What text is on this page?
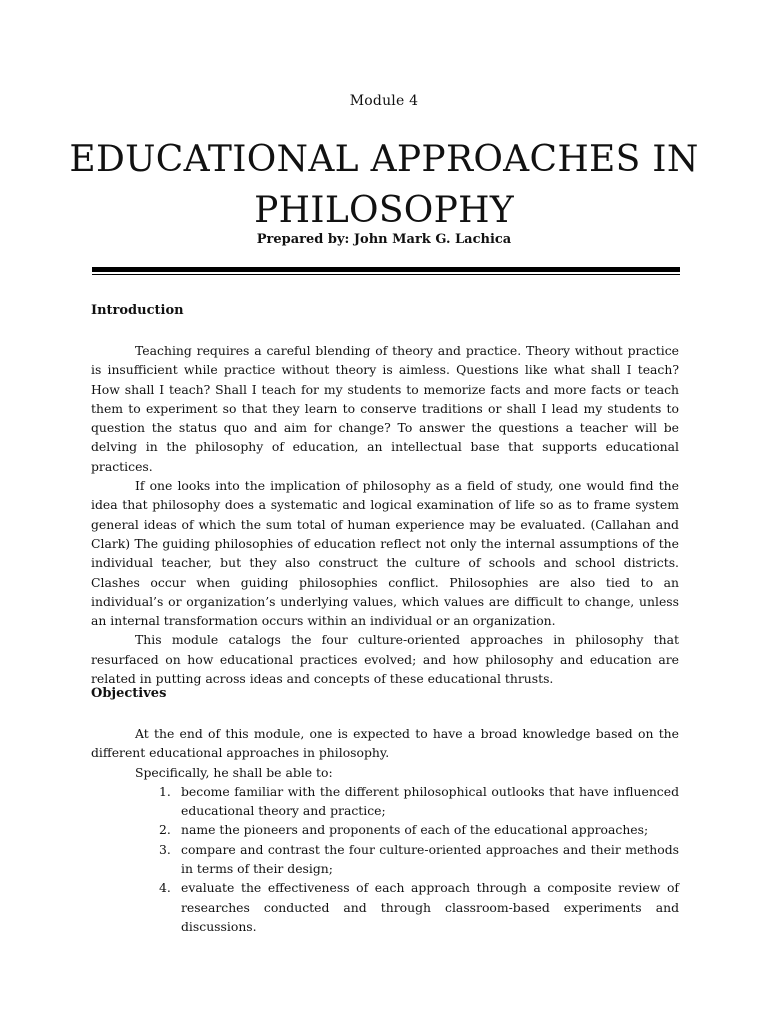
Module 4
EDUCATIONAL APPROACHES IN
PHILOSOPHY
Prepared by: John Mark G. Lachica
Introduction

Teaching requires a careful blending of theory and practice. Theory without practice is insufficient while practice without theory is aimless. Questions like what shall I teach? How shall I teach? Shall I teach for my students to memorize facts and more facts or teach them to experiment so that they learn to conserve traditions or shall I lead my students to question the status quo and aim for change? To answer the questions a teacher will be delving in the philosophy of education, an intellectual base that supports educational practices.

If one looks into the implication of philosophy as a field of study, one would find the idea that philosophy does a systematic and logical examination of life so as to frame system general ideas of which the sum total of human experience may be evaluated. (Callahan and Clark) The guiding philosophies of education reflect not only the internal assumptions of the individual teacher, but they also construct the culture of schools and school districts. Clashes occur when guiding philosophies conflict. Philosophies are also tied to an individual’s or organization’s underlying values, which values are difficult to change, unless an internal transformation occurs within an individual or an organization.

This module catalogs the four culture-oriented approaches in philosophy that resurfaced on how educational practices evolved; and how philosophy and education are related in putting across ideas and concepts of these educational thrusts.

Objectives

At the end of this module, one is expected to have a broad knowledge based on the different educational approaches in philosophy.

Specifically, he shall be able to:

1. become familiar with the different philosophical outlooks that have influenced educational theory and practice;
2. name the pioneers and proponents of each of the educational approaches;
3. compare and contrast the four culture-oriented approaches and their methods in terms of their design;
4. evaluate the effectiveness of each approach through a composite review of researches conducted and through classroom-based experiments and discussions.
